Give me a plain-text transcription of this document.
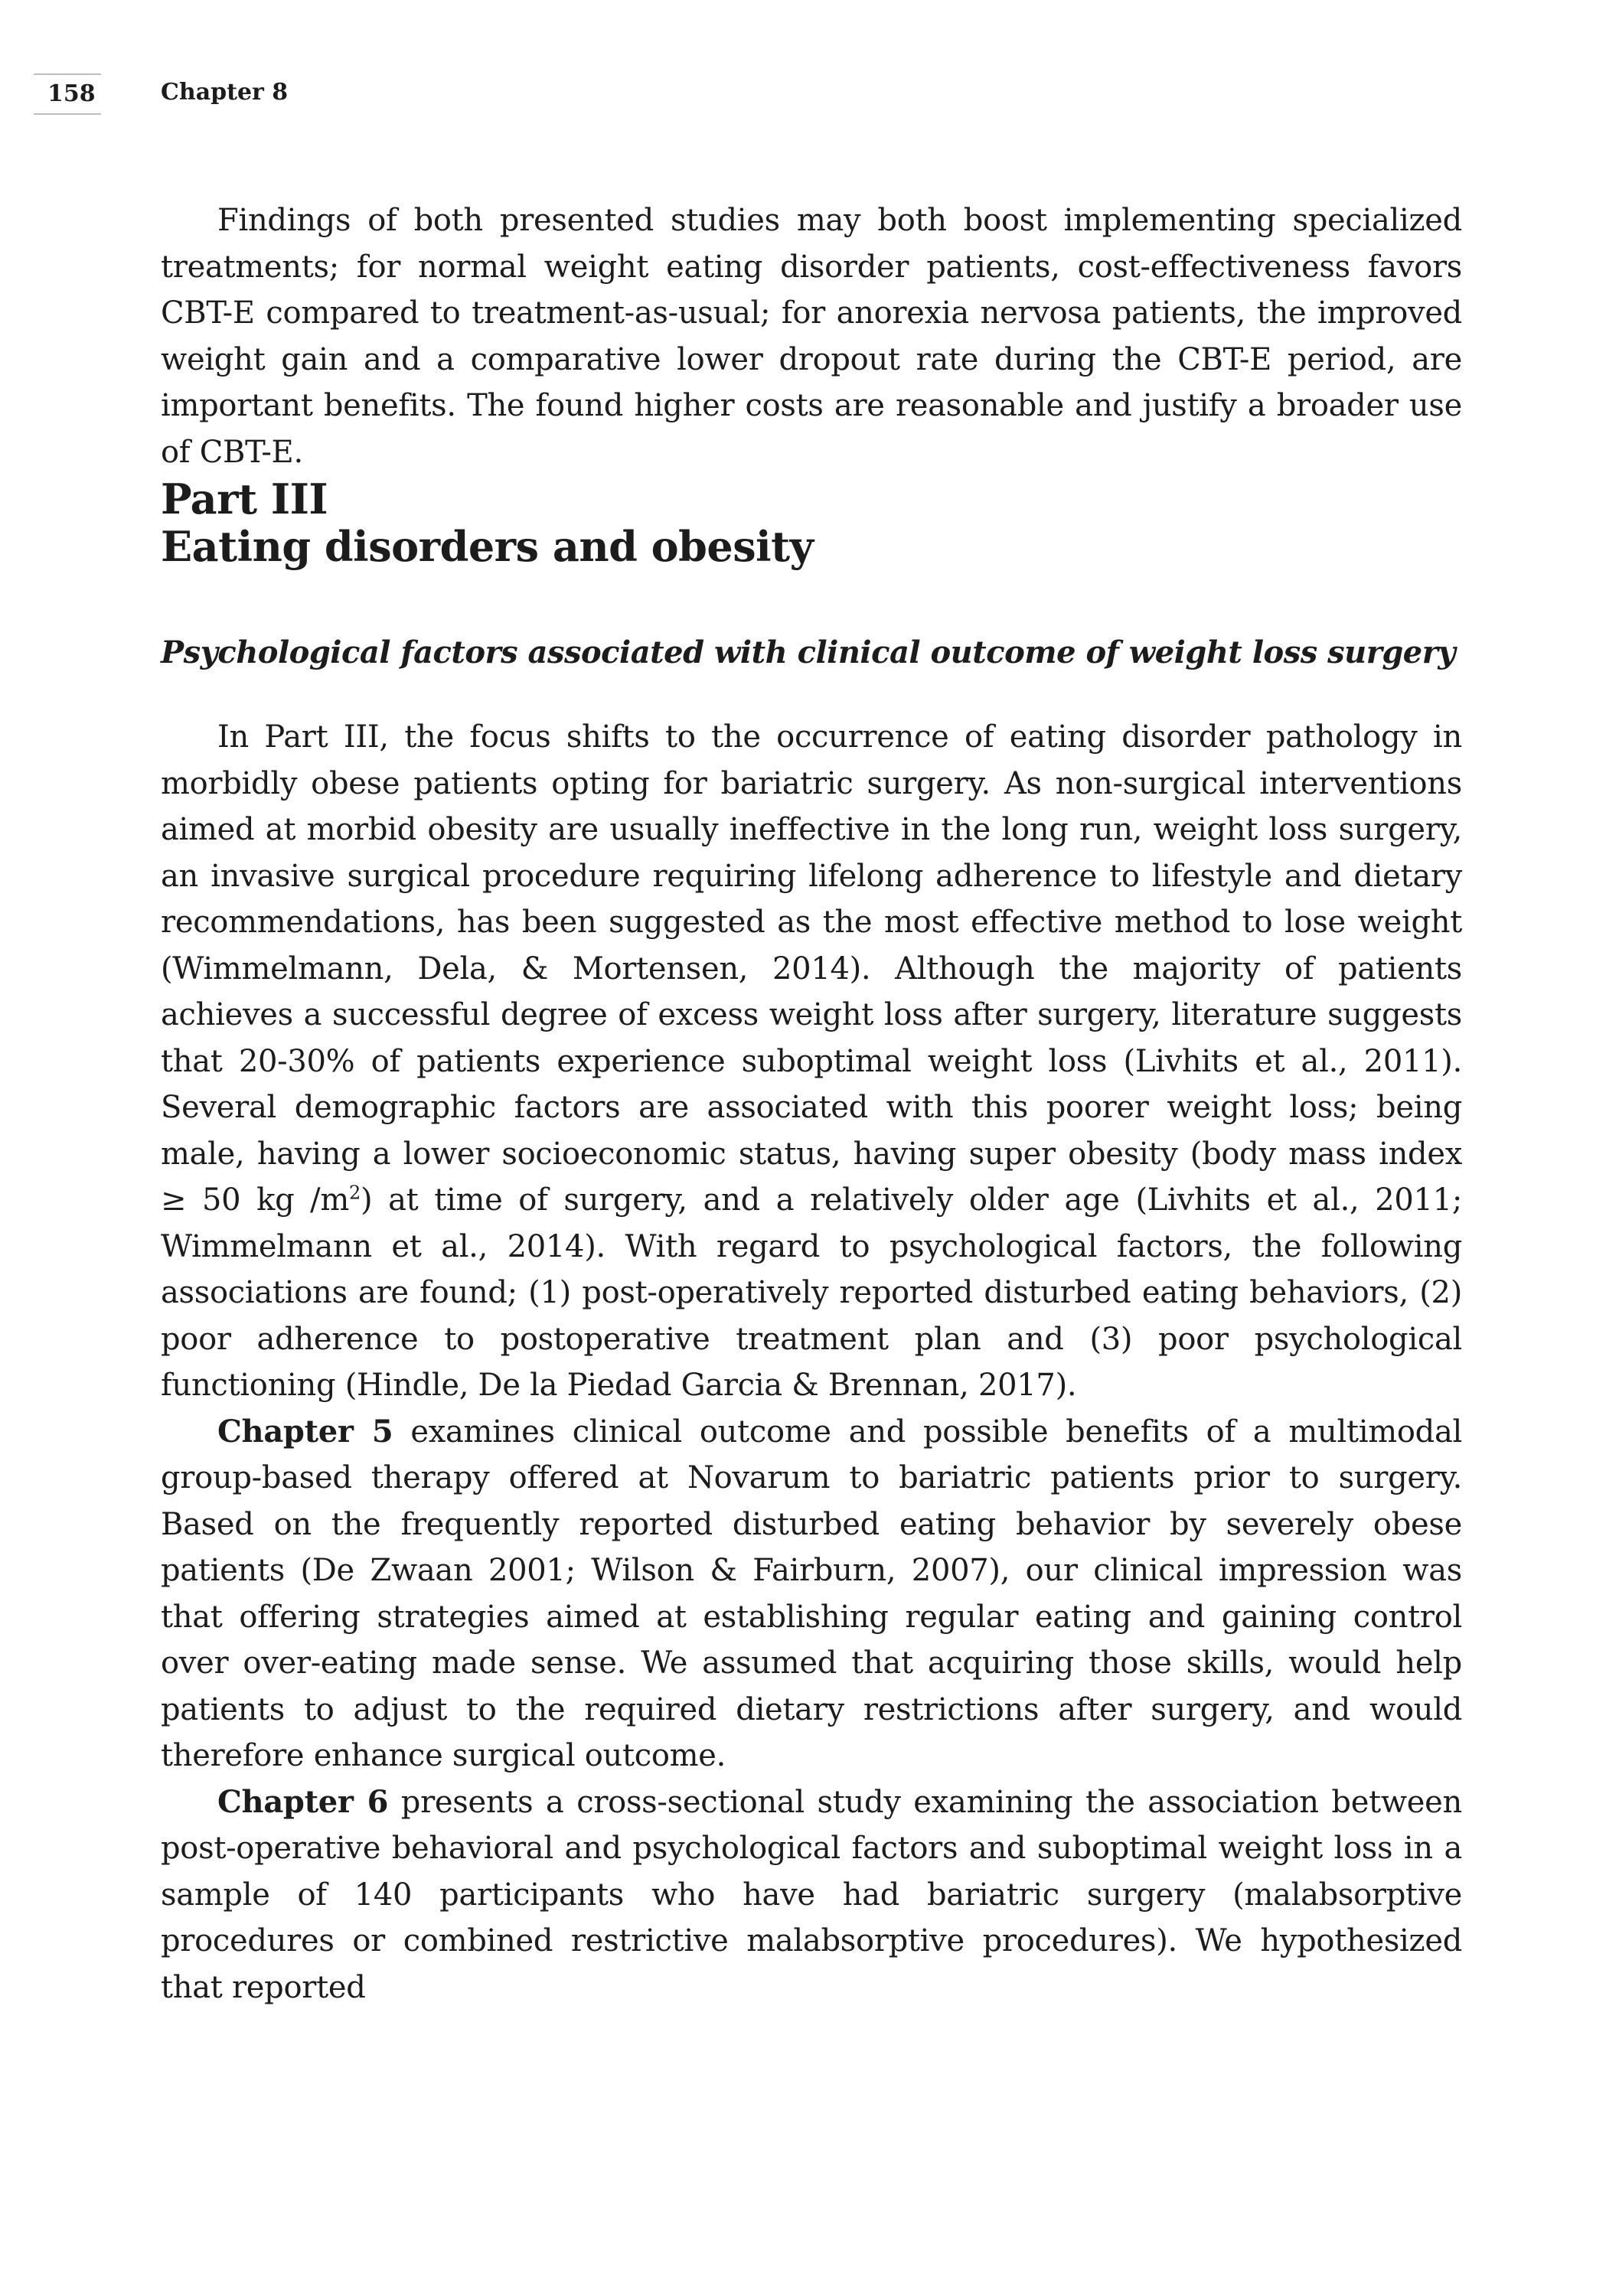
158	Chapter 8

Findings of both presented studies may both boost implementing specialized treatments; for normal weight eating disorder patients, cost-effectiveness favors CBT-E compared to treatment-as-usual; for anorexia nervosa patients, the improved weight gain and a comparative lower dropout rate during the CBT-E period, are important benefits. The found higher costs are reasonable and justify a broader use of CBT-E.

Part III
Eating disorders and obesity
Psychological factors associated with clinical outcome of weight loss surgery

In Part III, the focus shifts to the occurrence of eating disorder pathology in morbidly obese patients opting for bariatric surgery. As non-surgical interventions aimed at morbid obesity are usually ineffective in the long run, weight loss surgery, an invasive surgical procedure requiring lifelong adherence to lifestyle and dietary recommendations, has been suggested as the most effective method to lose weight (Wimmelmann, Dela, & Mortensen, 2014). Although the majority of patients achieves a successful degree of excess weight loss after surgery, literature suggests that 20-30% of patients experience suboptimal weight loss (Livhits et al., 2011). Several demographic factors are associated with this poorer weight loss; being male, having a lower socioeconomic status, having super obesity (body mass index ≥ 50 kg $/m^2$) at time of surgery, and a relatively older age (Livhits et al., 2011; Wimmelmann et al., 2014). With regard to psychological factors, the following associations are found; (1) post-operatively reported disturbed eating behaviors, (2) poor adherence to postoperative treatment plan and (3) poor psychological functioning (Hindle, De la Piedad Garcia & Brennan, 2017).

Chapter 5 examines clinical outcome and possible benefits of a multimodal group-based therapy offered at Novarum to bariatric patients prior to surgery. Based on the frequently reported disturbed eating behavior by severely obese patients (De Zwaan 2001; Wilson & Fairburn, 2007), our clinical impression was that offering strategies aimed at establishing regular eating and gaining control over over-eating made sense. We assumed that acquiring those skills, would help patients to adjust to the required dietary restrictions after surgery, and would therefore enhance surgical outcome.

Chapter 6 presents a cross-sectional study examining the association between post-operative behavioral and psychological factors and suboptimal weight loss in a sample of 140 participants who have had bariatric surgery (malabsorptive procedures or combined restrictive malabsorptive procedures). We hypothesized that reported
